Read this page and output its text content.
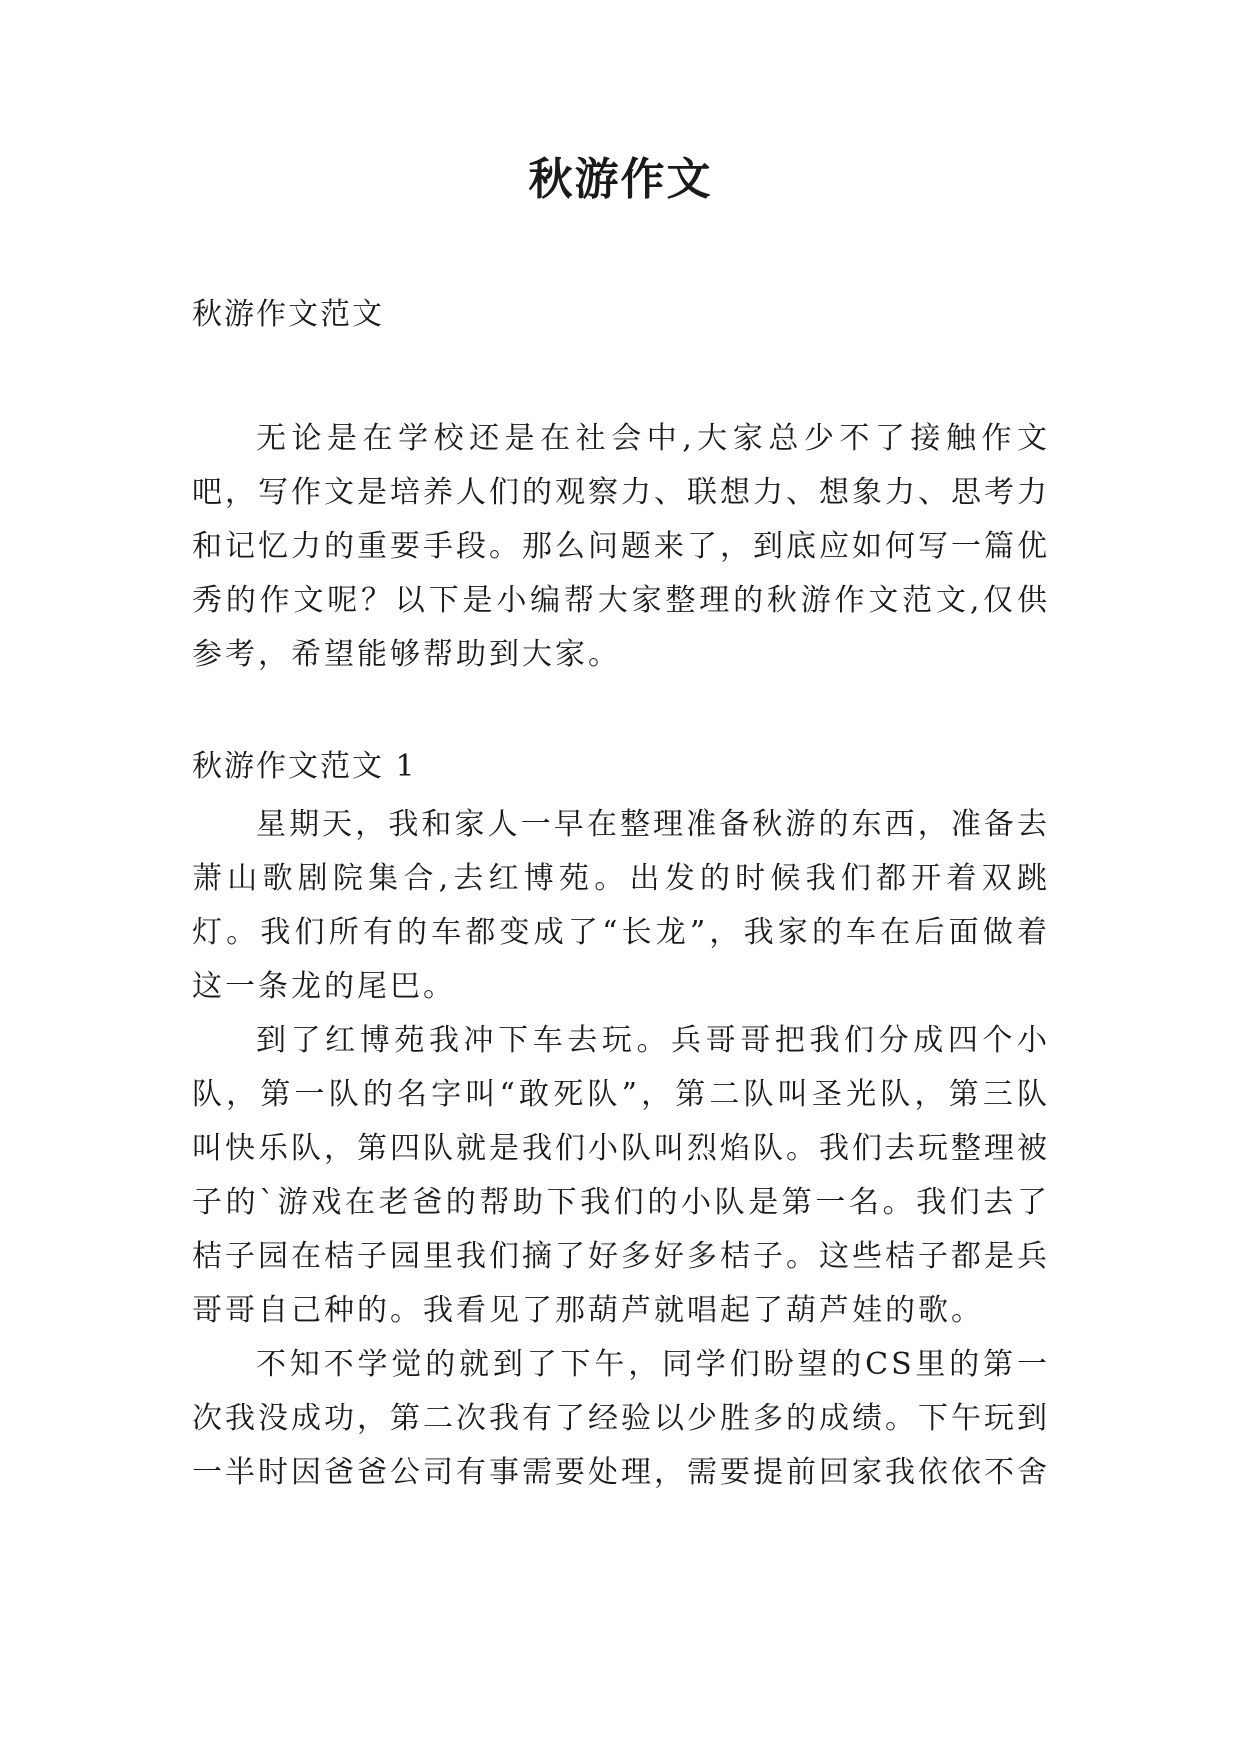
秋游作文

秋游作文范文

无论是在学校还是在社会中,大家总少不了接触作文吧，写作文是培养人们的观察力、联想力、想象力、思考力和记忆力的重要手段。那么问题来了，到底应如何写一篇优秀的作文呢？以下是小编帮大家整理的秋游作文范文,仅供参考，希望能够帮助到大家。

秋游作文范文 1

星期天，我和家人一早在整理准备秋游的东西，准备去萧山歌剧院集合,去红博苑。出发的时候我们都开着双跳灯。我们所有的车都变成了“长龙”，我家的车在后面做着这一条龙的尾巴。

到了红博苑我冲下车去玩。兵哥哥把我们分成四个小队，第一队的名字叫“敢死队”，第二队叫圣光队，第三队叫快乐队，第四队就是我们小队叫烈焰队。我们去玩整理被子的`游戏在老爸的帮助下我们的小队是第一名。我们去了桔子园在桔子园里我们摘了好多好多桔子。这些桔子都是兵哥哥自己种的。我看见了那葫芦就唱起了葫芦娃的歌。

不知不学觉的就到了下午，同学们盼望的CS里的第一次我没成功，第二次我有了经验以少胜多的成绩。下午玩到一半时因爸爸公司有事需要处理，需要提前回家我依依不舍
